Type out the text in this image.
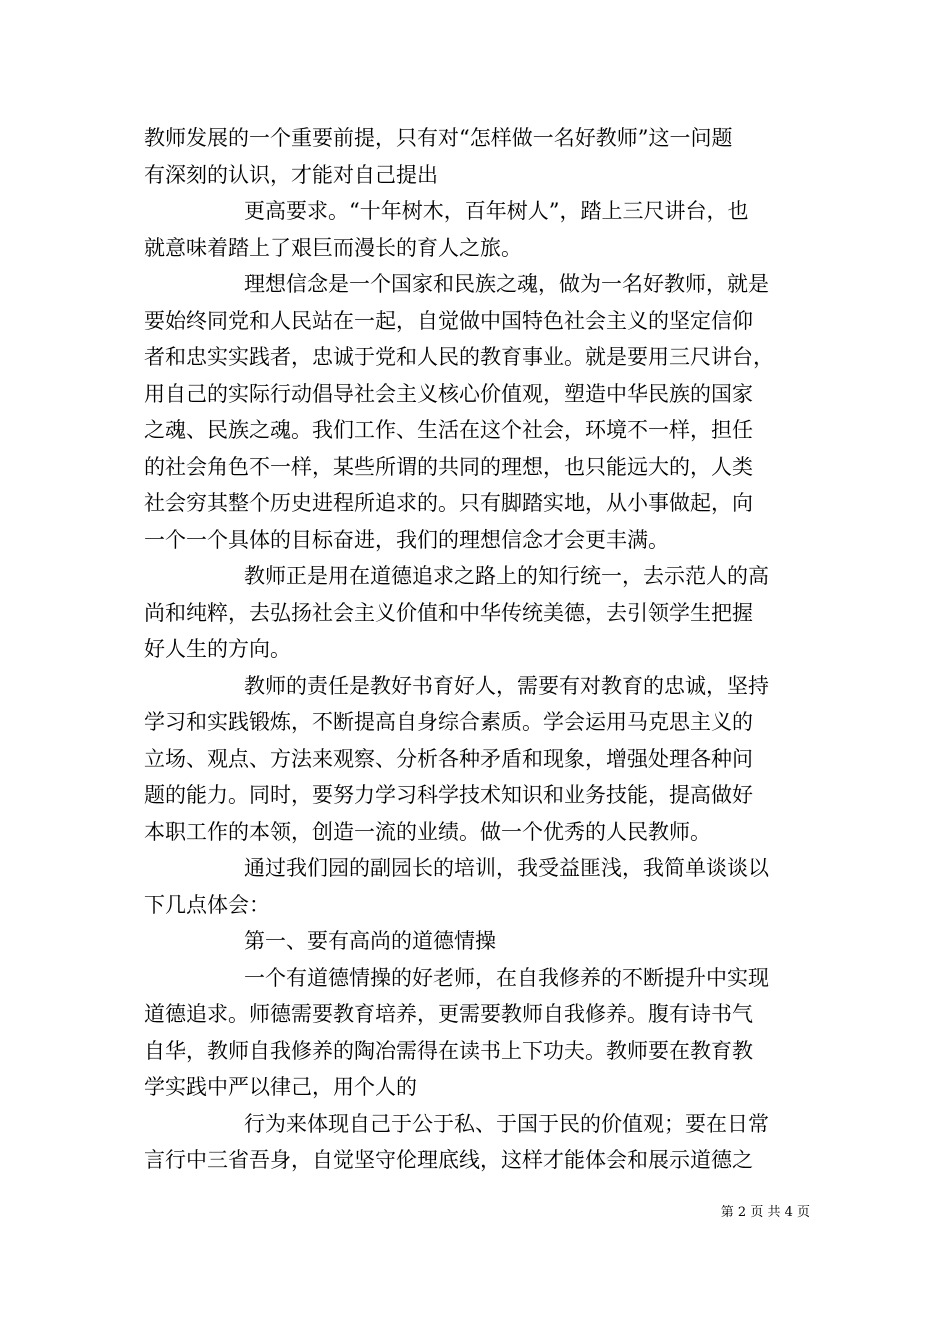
教师发展的一个重要前提，只有对“怎样做一名好教师”这一问题
有深刻的认识，才能对自己提出
更高要求。“十年树木，百年树人”，踏上三尺讲台，也
就意味着踏上了艰巨而漫长的育人之旅。
理想信念是一个国家和民族之魂，做为一名好教师，就是
要始终同党和人民站在一起，自觉做中国特色社会主义的坚定信仰
者和忠实实践者，忠诚于党和人民的教育事业。就是要用三尺讲台，
用自己的实际行动倡导社会主义核心价值观，塑造中华民族的国家
之魂、民族之魂。我们工作、生活在这个社会，环境不一样，担任
的社会角色不一样，某些所谓的共同的理想，也只能远大的，人类
社会穷其整个历史进程所追求的。只有脚踏实地，从小事做起，向
一个一个具体的目标奋进，我们的理想信念才会更丰满。
教师正是用在道德追求之路上的知行统一，去示范人的高
尚和纯粹，去弘扬社会主义价值和中华传统美德，去引领学生把握
好人生的方向。
教师的责任是教好书育好人，需要有对教育的忠诚，坚持
学习和实践锻炼，不断提高自身综合素质。学会运用马克思主义的
立场、观点、方法来观察、分析各种矛盾和现象，增强处理各种问
题的能力。同时，要努力学习科学技术知识和业务技能，提高做好
本职工作的本领，创造一流的业绩。做一个优秀的人民教师。
通过我们园的副园长的培训，我受益匪浅，我简单谈谈以
下几点体会：
第一、要有高尚的道德情操
一个有道德情操的好老师，在自我修养的不断提升中实现
道德追求。师德需要教育培养，更需要教师自我修养。腹有诗书气
自华，教师自我修养的陶冶需得在读书上下功夫。教师要在教育教
学实践中严以律己，用个人的
行为来体现自己于公于私、于国于民的价值观；要在日常
言行中三省吾身，自觉坚守伦理底线，这样才能体会和展示道德之
第 2 页 共 4 页
